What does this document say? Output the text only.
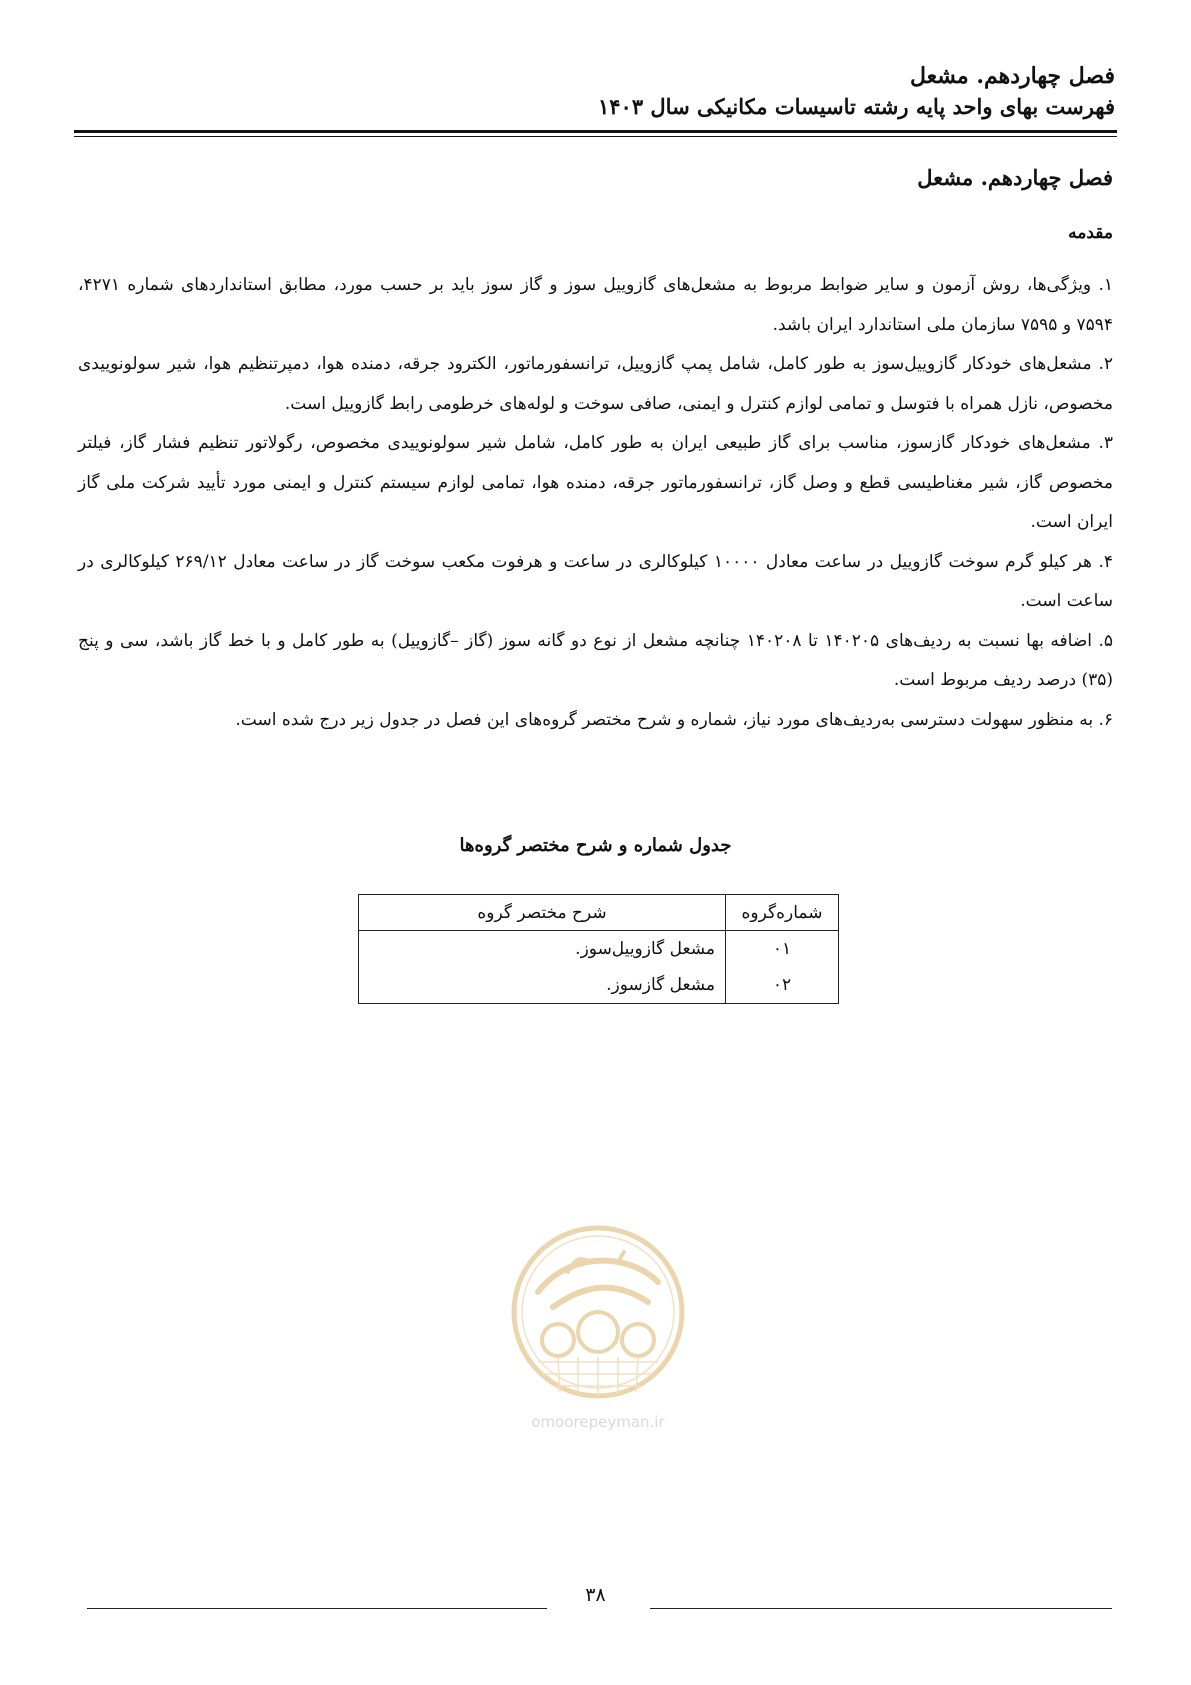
فصل چهاردهم. مشعل
فهرست بهای واحد پایه رشته تاسیسات مکانیکی سال ۱۴۰۳
فصل چهاردهم. مشعل
مقدمه

۱. ویژگی‌ها، روش آزمون و سایر ضوابط مربوط به مشعل‌های گازوییل سوز و گاز سوز باید بر حسب مورد، مطابق استانداردهای شماره ۴۲۷۱، ۷۵۹۴ و ۷۵۹۵ سازمان ملی استاندارد ایران باشد.

۲. مشعل‌های خودکار گازوییل‌سوز به طور کامل، شامل پمپ گازوییل، ترانسفورماتور، الکترود جرقه، دمنده هوا، دمپرتنظیم هوا، شیر سولونوییدی مخصوص، نازل همراه با فتوسل و تمامی لوازم کنترل و ایمنی، صافی سوخت و لوله‌های خرطومی رابط گازوییل است.

۳. مشعل‌های خودکار گازسوز، مناسب برای گاز طبیعی ایران به طور کامل، شامل شیر سولونوییدی مخصوص، رگولاتور تنظیم فشار گاز، فیلتر مخصوص گاز، شیر مغناطیسی قطع و وصل گاز، ترانسفورماتور جرقه، دمنده هوا، تمامی لوازم سیستم کنترل و ایمنی مورد تأیید شرکت ملی گاز ایران است.

۴. هر کیلو گرم سوخت گازوییل در ساعت معادل ۱۰۰۰۰ کیلوکالری در ساعت و هرفوت مکعب سوخت گاز در ساعت معادل ۲۶۹/۱۲ کیلوکالری در ساعت است.

۵. اضافه بها نسبت به ردیف‌های ۱۴۰۲۰۵ تا ۱۴۰۲۰۸ چنانچه مشعل از نوع دو گانه سوز (گاز –گازوییل) به طور کامل و با خط گاز باشد، سی و پنج (۳۵) درصد ردیف مربوط است.

۶. به منظور سهولت دسترسی به‌ردیف‌های مورد نیاز، شماره و شرح مختصر گروه‌های این فصل در جدول زیر درج شده است.

جدول شماره و شرح مختصر گروه‌ها
شماره‌گروه	شرح مختصر گروه
۰۱	مشعل گازوییل‌سوز.
۰۲	مشعل گازسوز.
omoorepeyman.ir
۳۸
